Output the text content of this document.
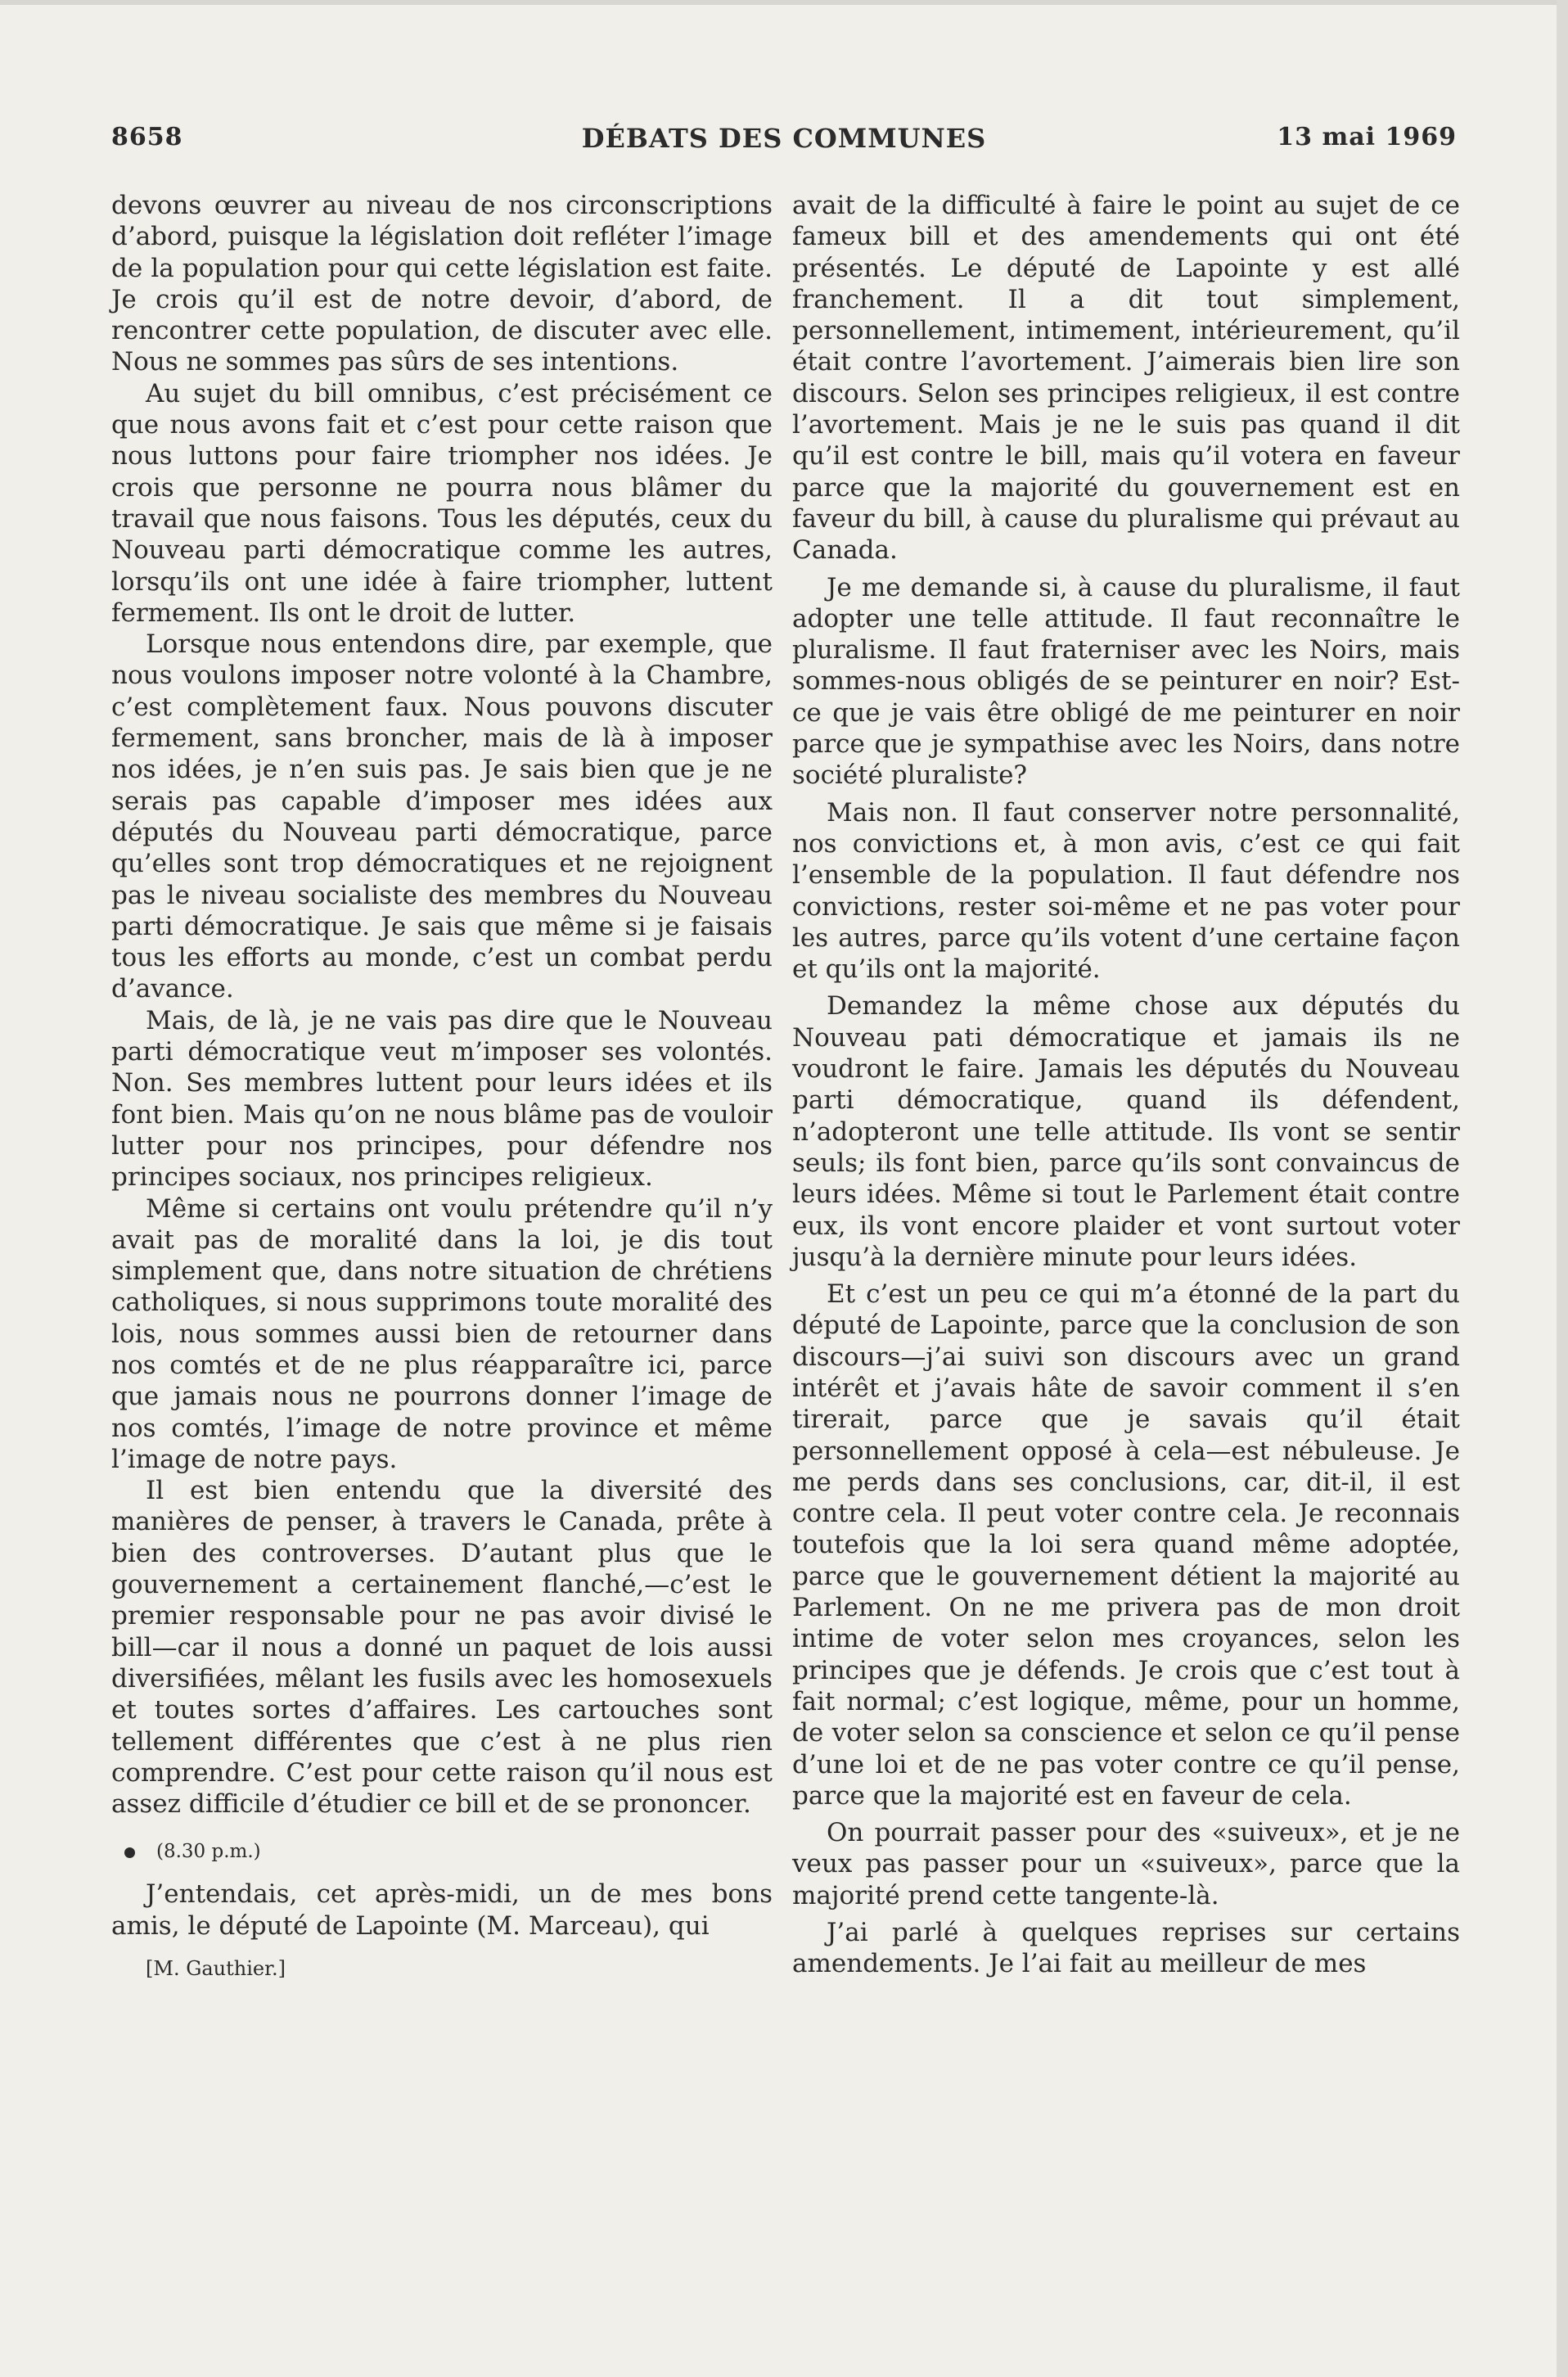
8658	DÉBATS DES COMMUNES	13 mai 1969

devons œuvrer au niveau de nos circonscriptions d’abord, puisque la législation doit refléter l’image de la population pour qui cette législation est faite. Je crois qu’il est de notre devoir, d’abord, de rencontrer cette population, de discuter avec elle. Nous ne sommes pas sûrs de ses intentions.

Au sujet du bill omnibus, c’est précisément ce que nous avons fait et c’est pour cette raison que nous luttons pour faire triompher nos idées. Je crois que personne ne pourra nous blâmer du travail que nous faisons. Tous les députés, ceux du Nouveau parti démocratique comme les autres, lorsqu’ils ont une idée à faire triompher, luttent fermement. Ils ont le droit de lutter.

Lorsque nous entendons dire, par exemple, que nous voulons imposer notre volonté à la Chambre, c’est complètement faux. Nous pouvons discuter fermement, sans broncher, mais de là à imposer nos idées, je n’en suis pas. Je sais bien que je ne serais pas capable d’imposer mes idées aux députés du Nouveau parti démocratique, parce qu’elles sont trop démocratiques et ne rejoignent pas le niveau socialiste des membres du Nouveau parti démocratique. Je sais que même si je faisais tous les efforts au monde, c’est un combat perdu d’avance.

Mais, de là, je ne vais pas dire que le Nouveau parti démocratique veut m’imposer ses volontés. Non. Ses membres luttent pour leurs idées et ils font bien. Mais qu’on ne nous blâme pas de vouloir lutter pour nos principes, pour défendre nos principes sociaux, nos principes religieux.

Même si certains ont voulu prétendre qu’il n’y avait pas de moralité dans la loi, je dis tout simplement que, dans notre situation de chrétiens catholiques, si nous supprimons toute moralité des lois, nous sommes aussi bien de retourner dans nos comtés et de ne plus réapparaître ici, parce que jamais nous ne pourrons donner l’image de nos comtés, l’image de notre province et même l’image de notre pays.

Il est bien entendu que la diversité des manières de penser, à travers le Canada, prête à bien des controverses. D’autant plus que le gouvernement a certainement flanché,—c’est le premier responsable pour ne pas avoir divisé le bill—car il nous a donné un paquet de lois aussi diversifiées, mêlant les fusils avec les homosexuels et toutes sortes d’affaires. Les cartouches sont tellement différentes que c’est à ne plus rien comprendre. C’est pour cette raison qu’il nous est assez difficile d’étudier ce bill et de se prononcer.

(8.30 p.m.)

J’entendais, cet après-midi, un de mes bons amis, le député de Lapointe (M. Marceau), qui

[M. Gauthier.]

avait de la difficulté à faire le point au sujet de ce fameux bill et des amendements qui ont été présentés. Le député de Lapointe y est allé franchement. Il a dit tout simplement, personnellement, intimement, intérieurement, qu’il était contre l’avortement. J’aimerais bien lire son discours. Selon ses principes religieux, il est contre l’avortement. Mais je ne le suis pas quand il dit qu’il est contre le bill, mais qu’il votera en faveur parce que la majorité du gouvernement est en faveur du bill, à cause du pluralisme qui prévaut au Canada.

Je me demande si, à cause du pluralisme, il faut adopter une telle attitude. Il faut reconnaître le pluralisme. Il faut fraterniser avec les Noirs, mais sommes-nous obligés de se peinturer en noir? Est-ce que je vais être obligé de me peinturer en noir parce que je sympathise avec les Noirs, dans notre société pluraliste?

Mais non. Il faut conserver notre personnalité, nos convictions et, à mon avis, c’est ce qui fait l’ensemble de la population. Il faut défendre nos convictions, rester soi-même et ne pas voter pour les autres, parce qu’ils votent d’une certaine façon et qu’ils ont la majorité.

Demandez la même chose aux députés du Nouveau pati démocratique et jamais ils ne voudront le faire. Jamais les députés du Nouveau parti démocratique, quand ils défendent, n’adopteront une telle attitude. Ils vont se sentir seuls; ils font bien, parce qu’ils sont convaincus de leurs idées. Même si tout le Parlement était contre eux, ils vont encore plaider et vont surtout voter jusqu’à la dernière minute pour leurs idées.

Et c’est un peu ce qui m’a étonné de la part du député de Lapointe, parce que la conclusion de son discours—j’ai suivi son discours avec un grand intérêt et j’avais hâte de savoir comment il s’en tirerait, parce que je savais qu’il était personnellement opposé à cela—est nébuleuse. Je me perds dans ses conclusions, car, dit-il, il est contre cela. Il peut voter contre cela. Je reconnais toutefois que la loi sera quand même adoptée, parce que le gouvernement détient la majorité au Parlement. On ne me privera pas de mon droit intime de voter selon mes croyances, selon les principes que je défends. Je crois que c’est tout à fait normal; c’est logique, même, pour un homme, de voter selon sa conscience et selon ce qu’il pense d’une loi et de ne pas voter contre ce qu’il pense, parce que la majorité est en faveur de cela.

On pourrait passer pour des «suiveux», et je ne veux pas passer pour un «suiveux», parce que la majorité prend cette tangente-là.

J’ai parlé à quelques reprises sur certains amendements. Je l’ai fait au meilleur de mes
